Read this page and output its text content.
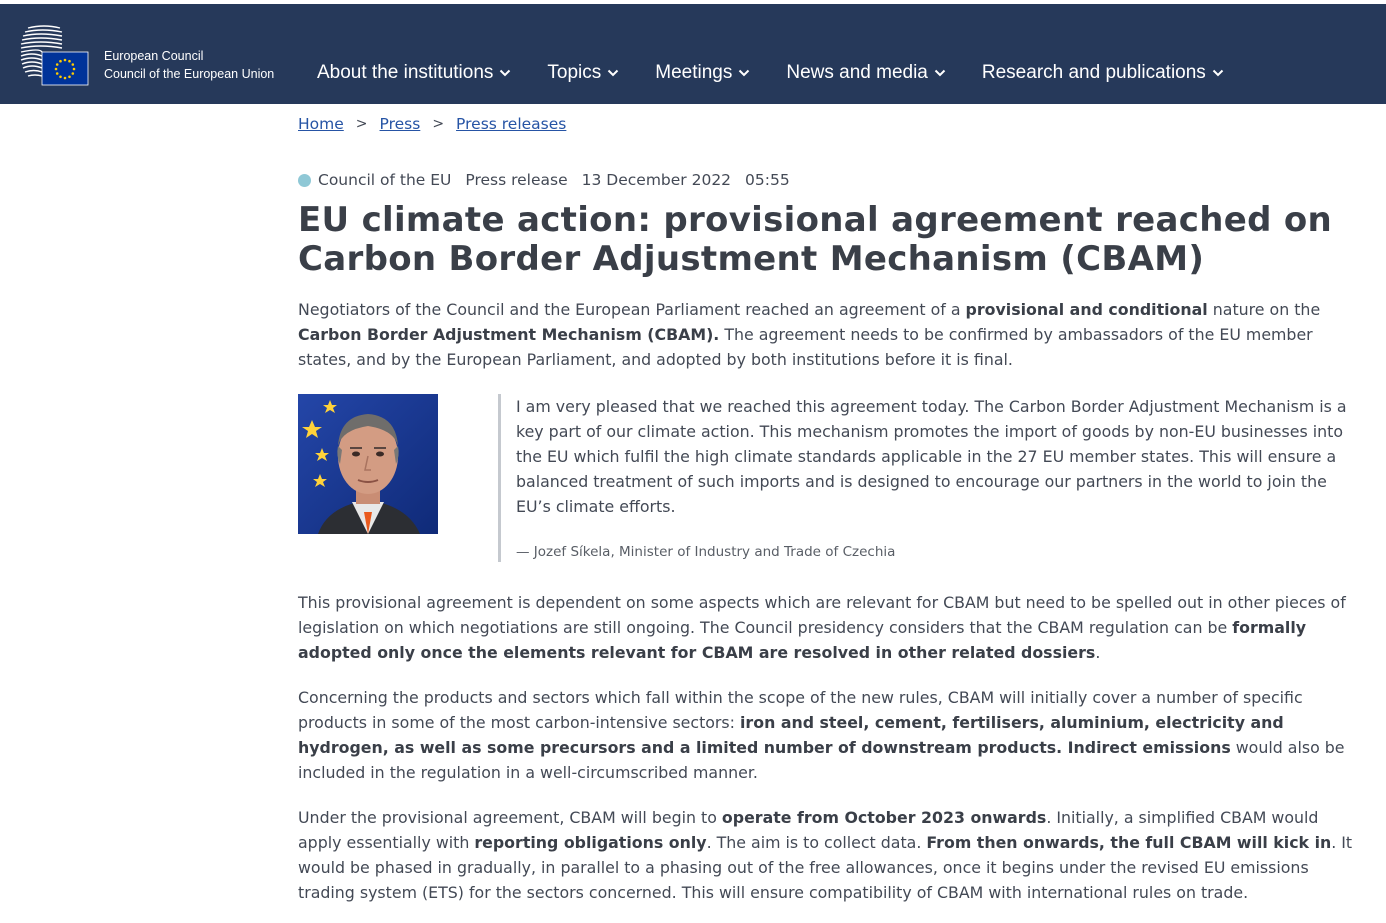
European Council
Council of the European Union About the institutions	Topics	Meetings	News and media	Research and publications
Home > Press > Press releases
Council of the EU Press release 13 December 2022 05:55
EU climate action: provisional agreement reached on Carbon Border Adjustment Mechanism (CBAM)

Negotiators of the Council and the European Parliament reached an agreement of a provisional and conditional nature on the Carbon Border Adjustment Mechanism (CBAM). The agreement needs to be confirmed by ambassadors of the EU member states, and by the European Parliament, and adopted by both institutions before it is final.

I am very pleased that we reached this agreement today. The Carbon Border Adjustment Mechanism is a key part of our climate action. This mechanism promotes the import of goods by non-EU businesses into the EU which fulfil the high climate standards applicable in the 27 EU member states. This will ensure a balanced treatment of such imports and is designed to encourage our partners in the world to join the EU’s climate efforts.

— Jozef Síkela, Minister of Industry and Trade of Czechia

This provisional agreement is dependent on some aspects which are relevant for CBAM but need to be spelled out in other pieces of legislation on which negotiations are still ongoing. The Council presidency considers that the CBAM regulation can be formally adopted only once the elements relevant for CBAM are resolved in other related dossiers.

Concerning the products and sectors which fall within the scope of the new rules, CBAM will initially cover a number of specific products in some of the most carbon-intensive sectors: iron and steel, cement, fertilisers, aluminium, electricity and hydrogen, as well as some precursors and a limited number of downstream products. Indirect emissions would also be included in the regulation in a well-circumscribed manner.

Under the provisional agreement, CBAM will begin to operate from October 2023 onwards. Initially, a simplified CBAM would apply essentially with reporting obligations only. The aim is to collect data. From then onwards, the full CBAM will kick in. It would be phased in gradually, in parallel to a phasing out of the free allowances, once it begins under the revised EU emissions trading system (ETS) for the sectors concerned. This will ensure compatibility of CBAM with international rules on trade.
